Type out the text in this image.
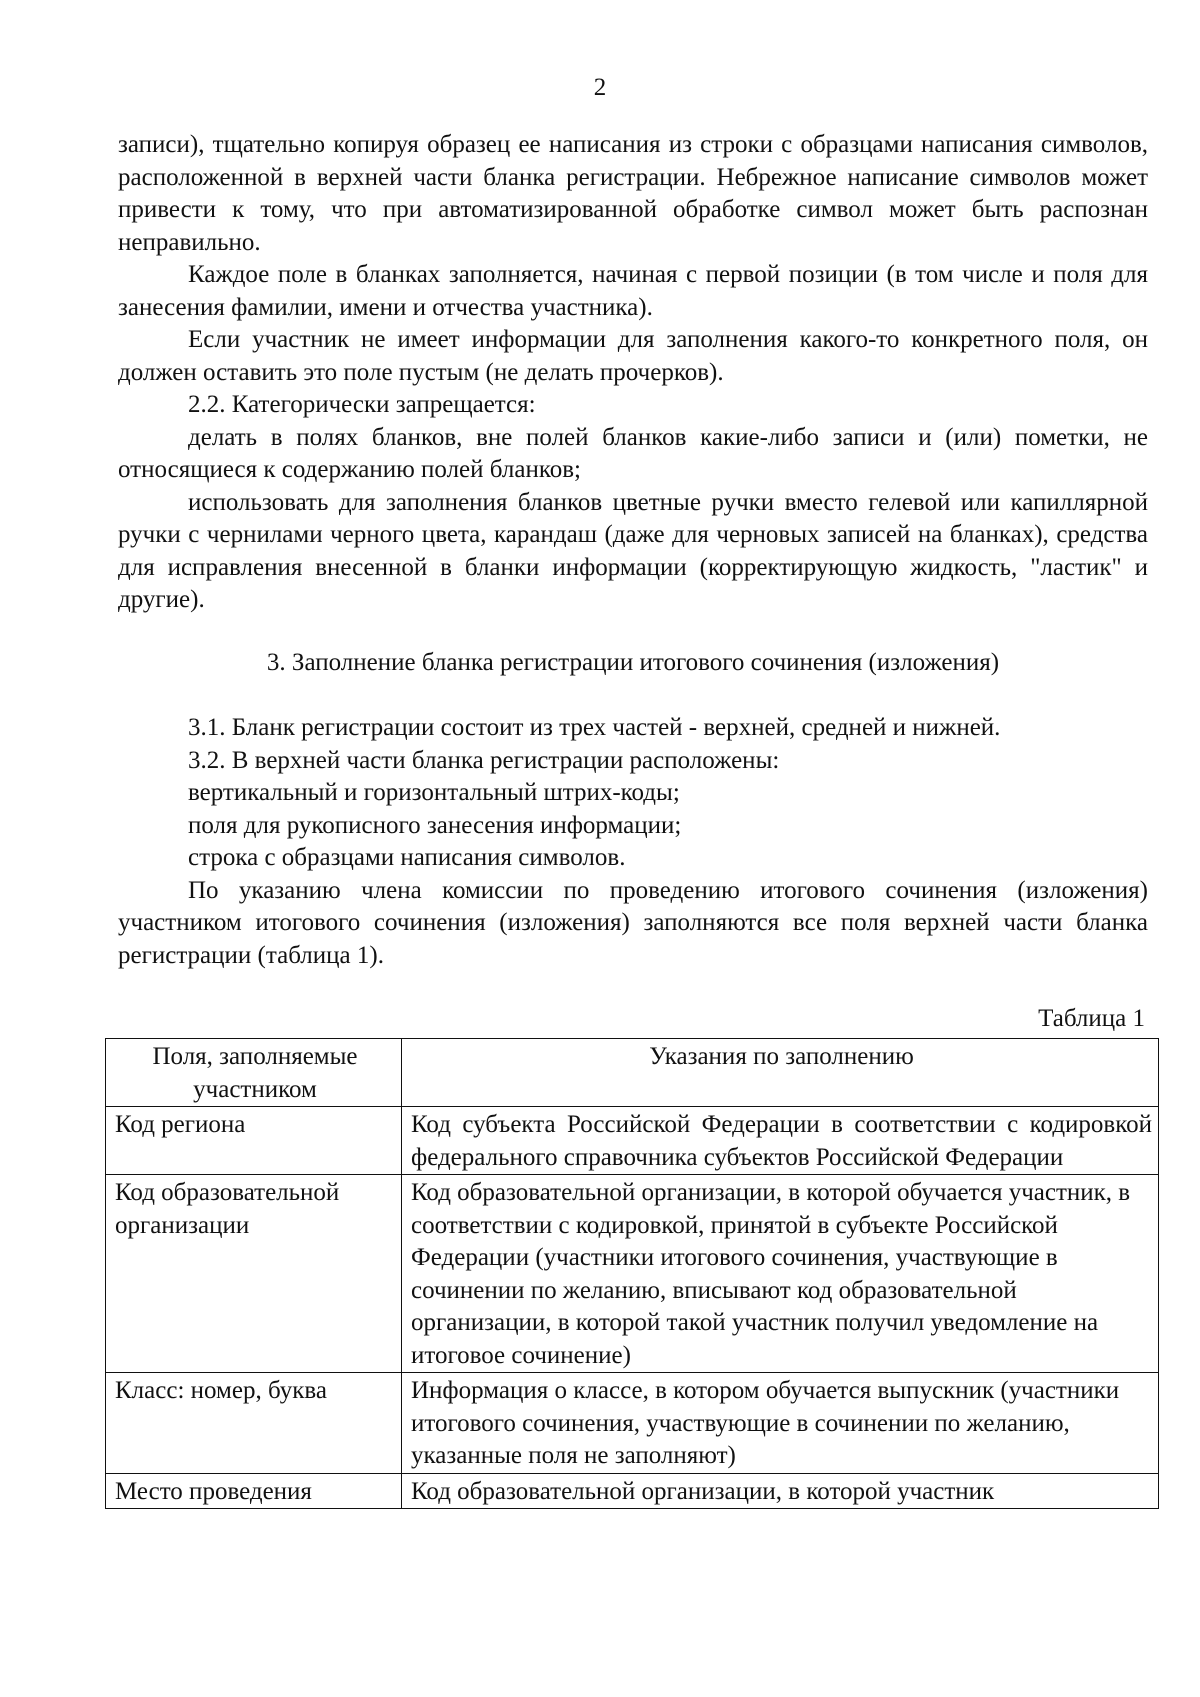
2

записи), тщательно копируя образец ее написания из строки с образцами написания символов, расположенной в верхней части бланка регистрации. Небрежное написание символов может привести к тому, что при автоматизированной обработке символ может быть распознан неправильно.

Каждое поле в бланках заполняется, начиная с первой позиции (в том числе и поля для занесения фамилии, имени и отчества участника).

Если участник не имеет информации для заполнения какого-то конкретного поля, он должен оставить это поле пустым (не делать прочерков).

2.2. Категорически запрещается:

делать в полях бланков, вне полей бланков какие-либо записи и (или) пометки, не относящиеся к содержанию полей бланков;

использовать для заполнения бланков цветные ручки вместо гелевой или капиллярной ручки с чернилами черного цвета, карандаш (даже для черновых записей на бланках), средства для исправления внесенной в бланки информации (корректирующую жидкость, "ластик" и другие).

3. Заполнение бланка регистрации итогового сочинения (изложения)

3.1. Бланк регистрации состоит из трех частей - верхней, средней и нижней.

3.2. В верхней части бланка регистрации расположены:

вертикальный и горизонтальный штрих-коды;

поля для рукописного занесения информации;

строка с образцами написания символов.

По указанию члена комиссии по проведению итогового сочинения (изложения) участником итогового сочинения (изложения) заполняются все поля верхней части бланка регистрации (таблица 1).

Таблица 1

Поля, заполняемые участником	Указания по заполнению
Код региона	Код субъекта Российской Федерации в соответствии с кодировкой федерального справочника субъектов Российской Федерации
Код образовательной организации	Код образовательной организации, в которой обучается участник, в соответствии с кодировкой, принятой в субъекте Российской Федерации (участники итогового сочинения, участвующие в сочинении по желанию, вписывают код образовательной организации, в которой такой участник получил уведомление на итоговое сочинение)
Класс: номер, буква	Информация о классе, в котором обучается выпускник (участники итогового сочинения, участвующие в сочинении по желанию, указанные поля не заполняют)
Место проведения	Код образовательной организации, в которой участник
